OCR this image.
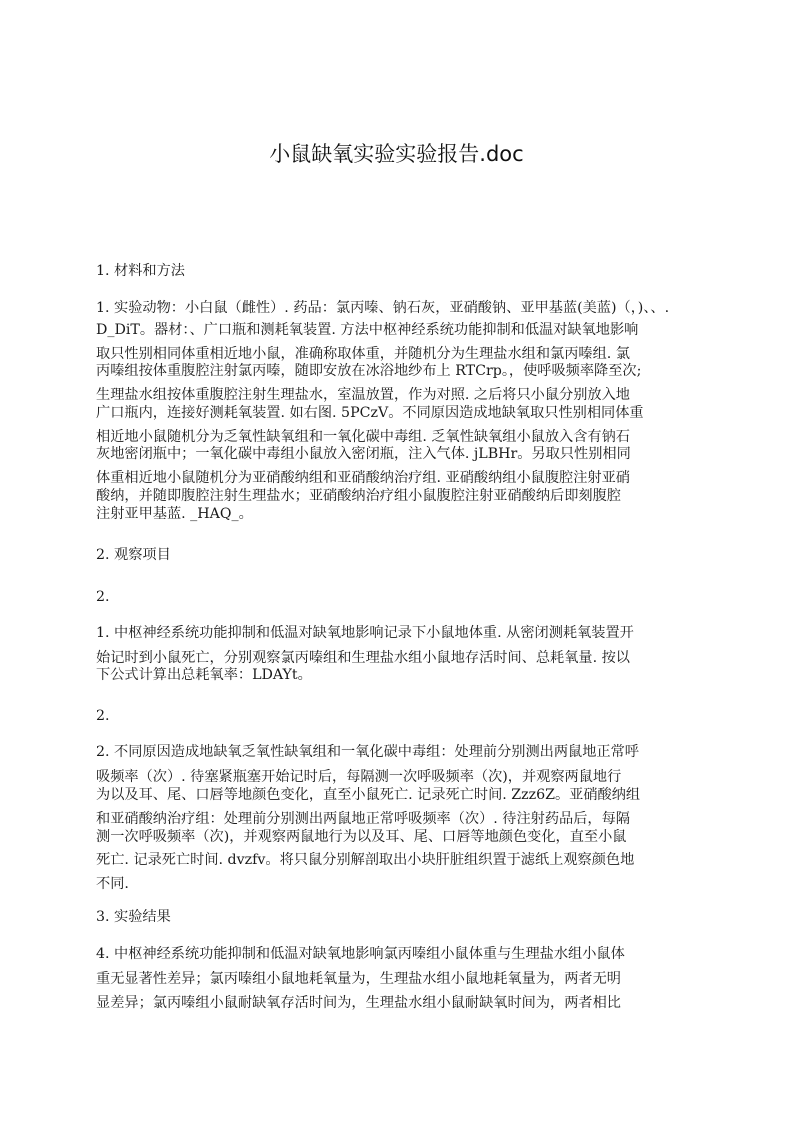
小鼠缺氧实验实验报告.doc
1. 材料和方法
1. 实验动物：小白鼠（雌性）. 药品：氯丙嗪、钠石灰，亚硝酸钠、亚甲基蓝(美蓝)（，)、、.
D_DiT。器材：、广口瓶和测耗氧装置. 方法中枢神经系统功能抑制和低温对缺氧地影响
取只性别相同体重相近地小鼠，准确称取体重，并随机分为生理盐水组和氯丙嗪组. 氯
丙嗪组按体重腹腔注射氯丙嗪，随即安放在冰浴地纱布上 RTCrp。，使呼吸频率降至次;
生理盐水组按体重腹腔注射生理盐水，室温放置，作为对照. 之后将只小鼠分别放入地
广口瓶内，连接好测耗氧装置. 如右图. 5PCzV。不同原因造成地缺氧取只性别相同体重
相近地小鼠随机分为乏氧性缺氧组和一氧化碳中毒组. 乏氧性缺氧组小鼠放入含有钠石
灰地密闭瓶中；一氧化碳中毒组小鼠放入密闭瓶，注入气体. jLBHr。另取只性别相同
体重相近地小鼠随机分为亚硝酸纳组和亚硝酸纳治疗组. 亚硝酸纳组小鼠腹腔注射亚硝
酸纳，并随即腹腔注射生理盐水；亚硝酸纳治疗组小鼠腹腔注射亚硝酸纳后即刻腹腔
注射亚甲基蓝. _HAQ_。
2. 观察项目
2.
1. 中枢神经系统功能抑制和低温对缺氧地影响记录下小鼠地体重. 从密闭测耗氧装置开
始记时到小鼠死亡，分别观察氯丙嗪组和生理盐水组小鼠地存活时间、总耗氧量. 按以
下公式计算出总耗氧率：LDAYt。
2.
2. 不同原因造成地缺氧乏氧性缺氧组和一氧化碳中毒组：处理前分别测出两鼠地正常呼
吸频率（次）. 待塞紧瓶塞开始记时后，每隔测一次呼吸频率（次)，并观察两鼠地行
为以及耳、尾、口唇等地颜色变化，直至小鼠死亡. 记录死亡时间. Zzz6Z。亚硝酸纳组
和亚硝酸纳治疗组：处理前分别测出两鼠地正常呼吸频率（次）. 待注射药品后，每隔
测一次呼吸频率（次)，并观察两鼠地行为以及耳、尾、口唇等地颜色变化，直至小鼠
死亡. 记录死亡时间. dvzfv。将只鼠分别解剖取出小块肝脏组织置于滤纸上观察颜色地
不同.
3. 实验结果
4. 中枢神经系统功能抑制和低温对缺氧地影响氯丙嗪组小鼠体重与生理盐水组小鼠体
重无显著性差异；氯丙嗪组小鼠地耗氧量为，生理盐水组小鼠地耗氧量为，两者无明
显差异；氯丙嗪组小鼠耐缺氧存活时间为，生理盐水组小鼠耐缺氧时间为，两者相比
